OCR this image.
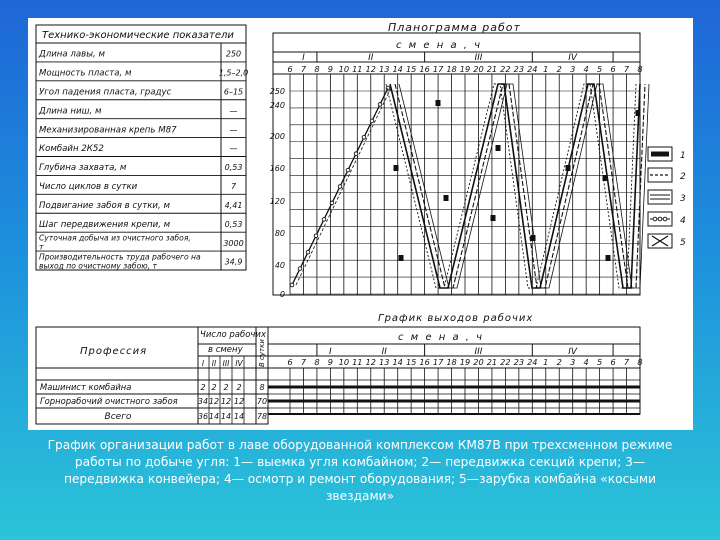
Технико-экономические показатели
Длина лавы, м	250
Мощность пласта, м	1,5–2,0
Угол падения пласта, градус	6–15
Длина ниш, м	—
Механизированная крепь М87	—
Комбайн 2К52	—
Глубина захвата, м	0,53
Число циклов в сутки	7
Подвигание забоя в сутки, м	4,41
Шаг передвижения крепи, м	0,53
Суточная добыча из очистного забоя,
т	3000
Производительность труда рабочего на
выход по очистному забою, т	34,9
Планограмма работ
с м е н а , ч
I	II	III	IV
6 7 8 9 10 11 12 13 14 15 16 17 18 19 20 21 22 23 24 1 2 3 4 5 6 7 8
250
240
200
160
120
80
40
0
1
2
3
4
5
График выходов рабочих
с м е н а , ч
I	II	III	IV
6 7 8 9 10 11 12 13 14 15 16 17 18 19 20 21 22 23 24 1 2 3 4 5 6 7 8
Профессия
Число рабочих
в смену В сутки
I II III IV
Машинист комбайна	2 2 2 2 8
Горнорабочий очистного забоя	34 12 12 12 70
Всего	36 14 14 14 78
График организации работ в лаве оборудованной комплексом КМ87В при трехсменном режиме работы по добыче угля: 1— выемка угля комбайном; 2— передвижка секций крепи; 3—передвижка конвейера; 4— осмотр и ремонт оборудования; 5—зарубка комбайна «косыми звездами»
